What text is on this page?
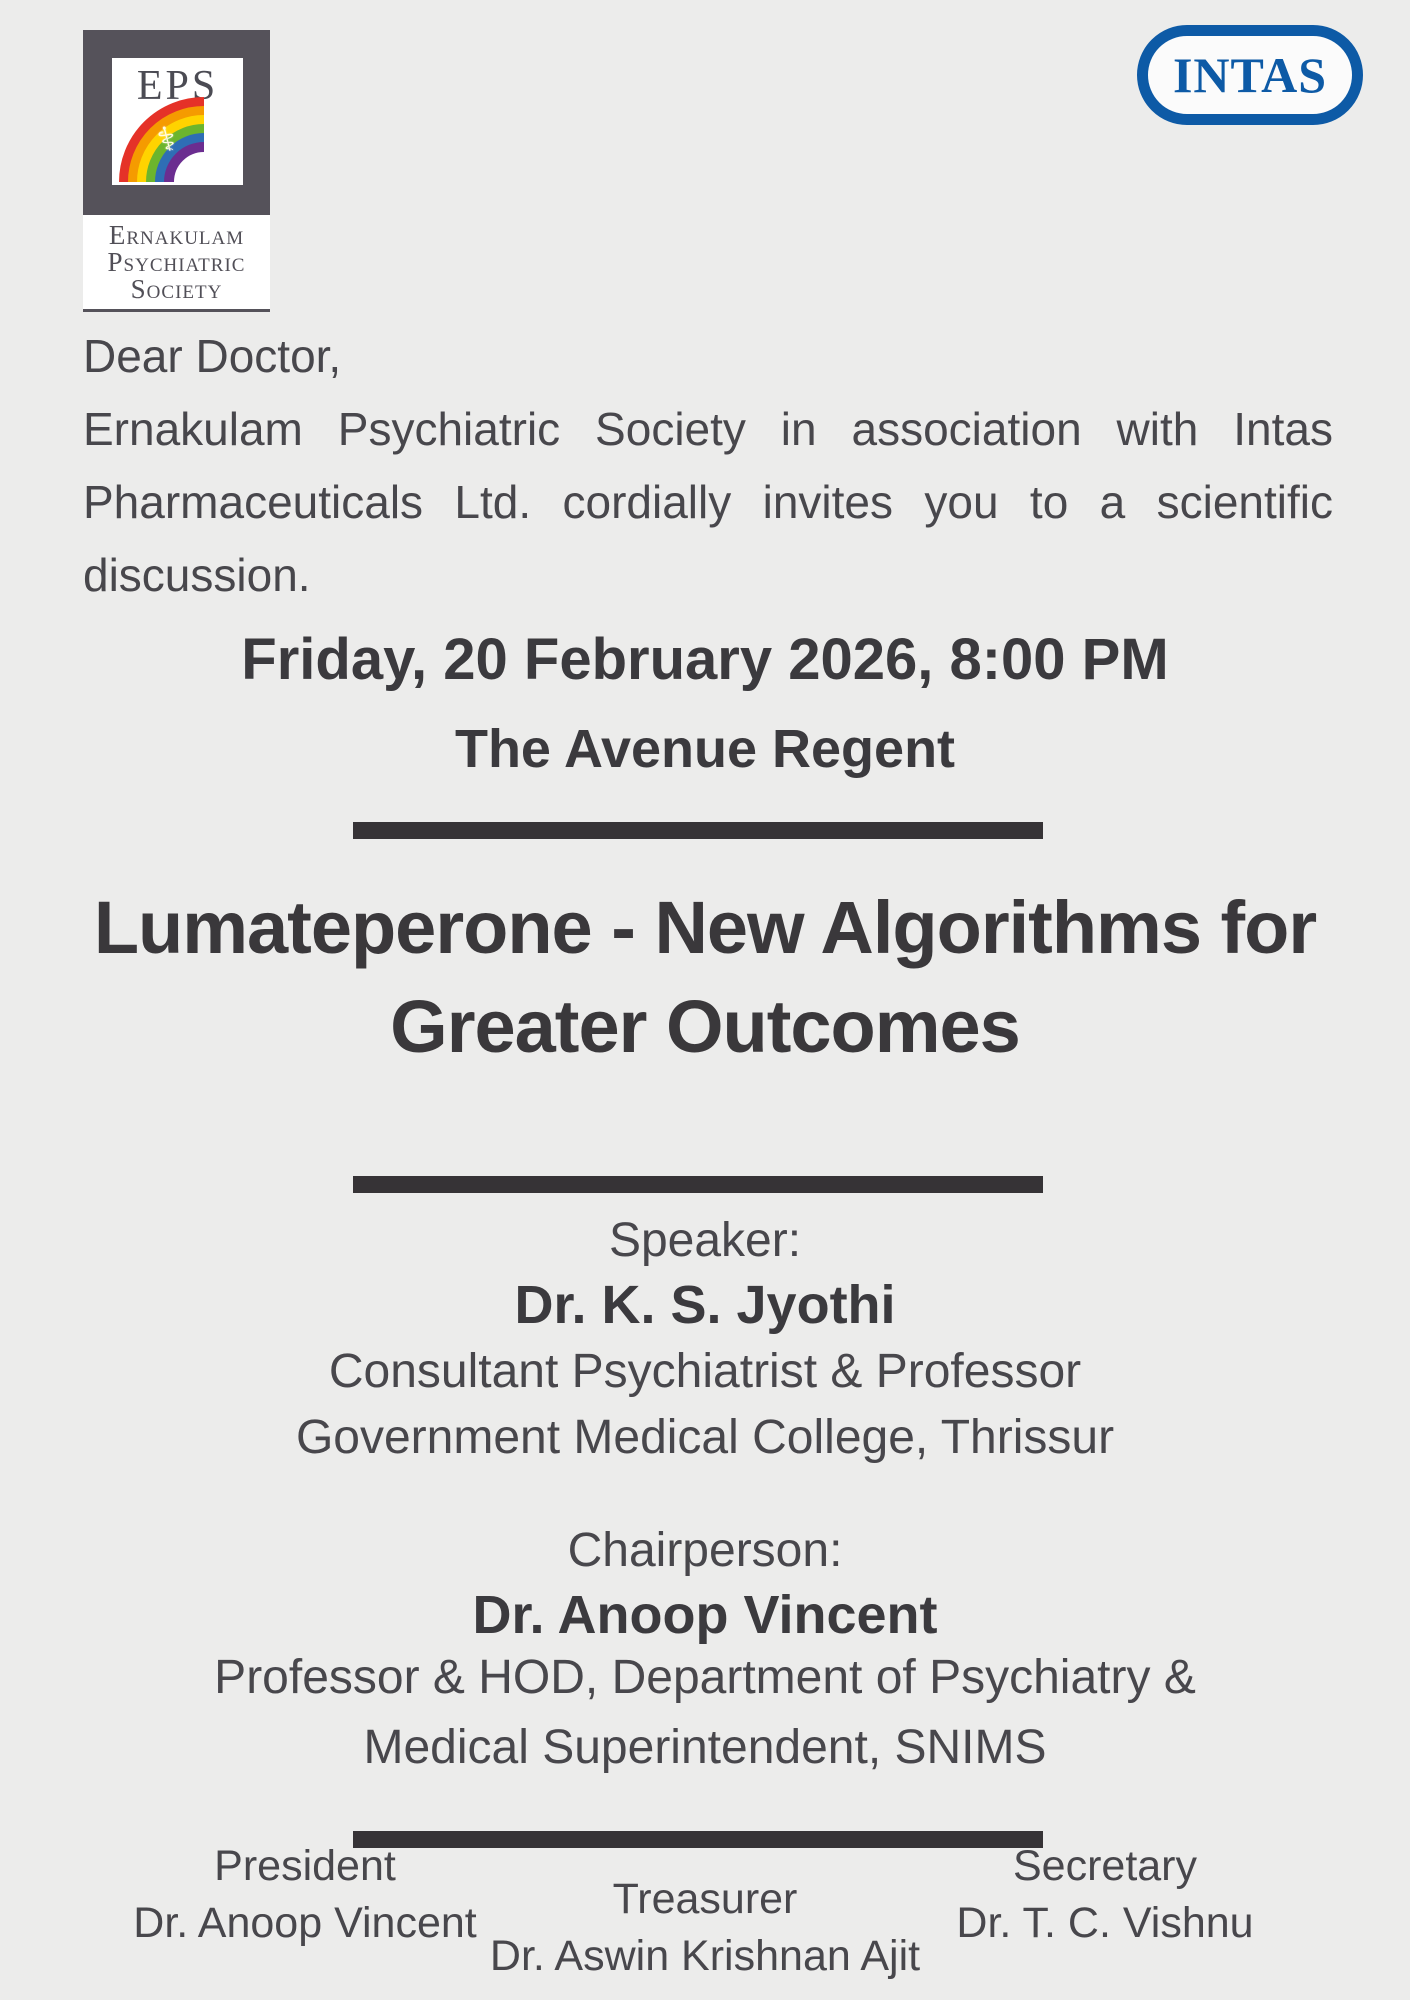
EPS
⚕
Ernakulam
Psychiatric
Society
INTAS
Dear Doctor,
Ernakulam Psychiatric Society in association with Intas Pharmaceuticals Ltd. cordially invites you to a scientific discussion.
Friday, 20 February 2026, 8:00 PM
The Avenue Regent
Lumateperone - New Algorithms for
Greater Outcomes
Speaker:
Dr. K. S. Jyothi
Consultant Psychiatrist & Professor
Government Medical College, Thrissur
Chairperson:
Dr. Anoop Vincent
Professor & HOD, Department of Psychiatry &
Medical Superintendent, SNIMS
President
Dr. Anoop Vincent	Treasurer
Dr. Aswin Krishnan Ajit
Secretary
Dr. T. C. Vishnu
